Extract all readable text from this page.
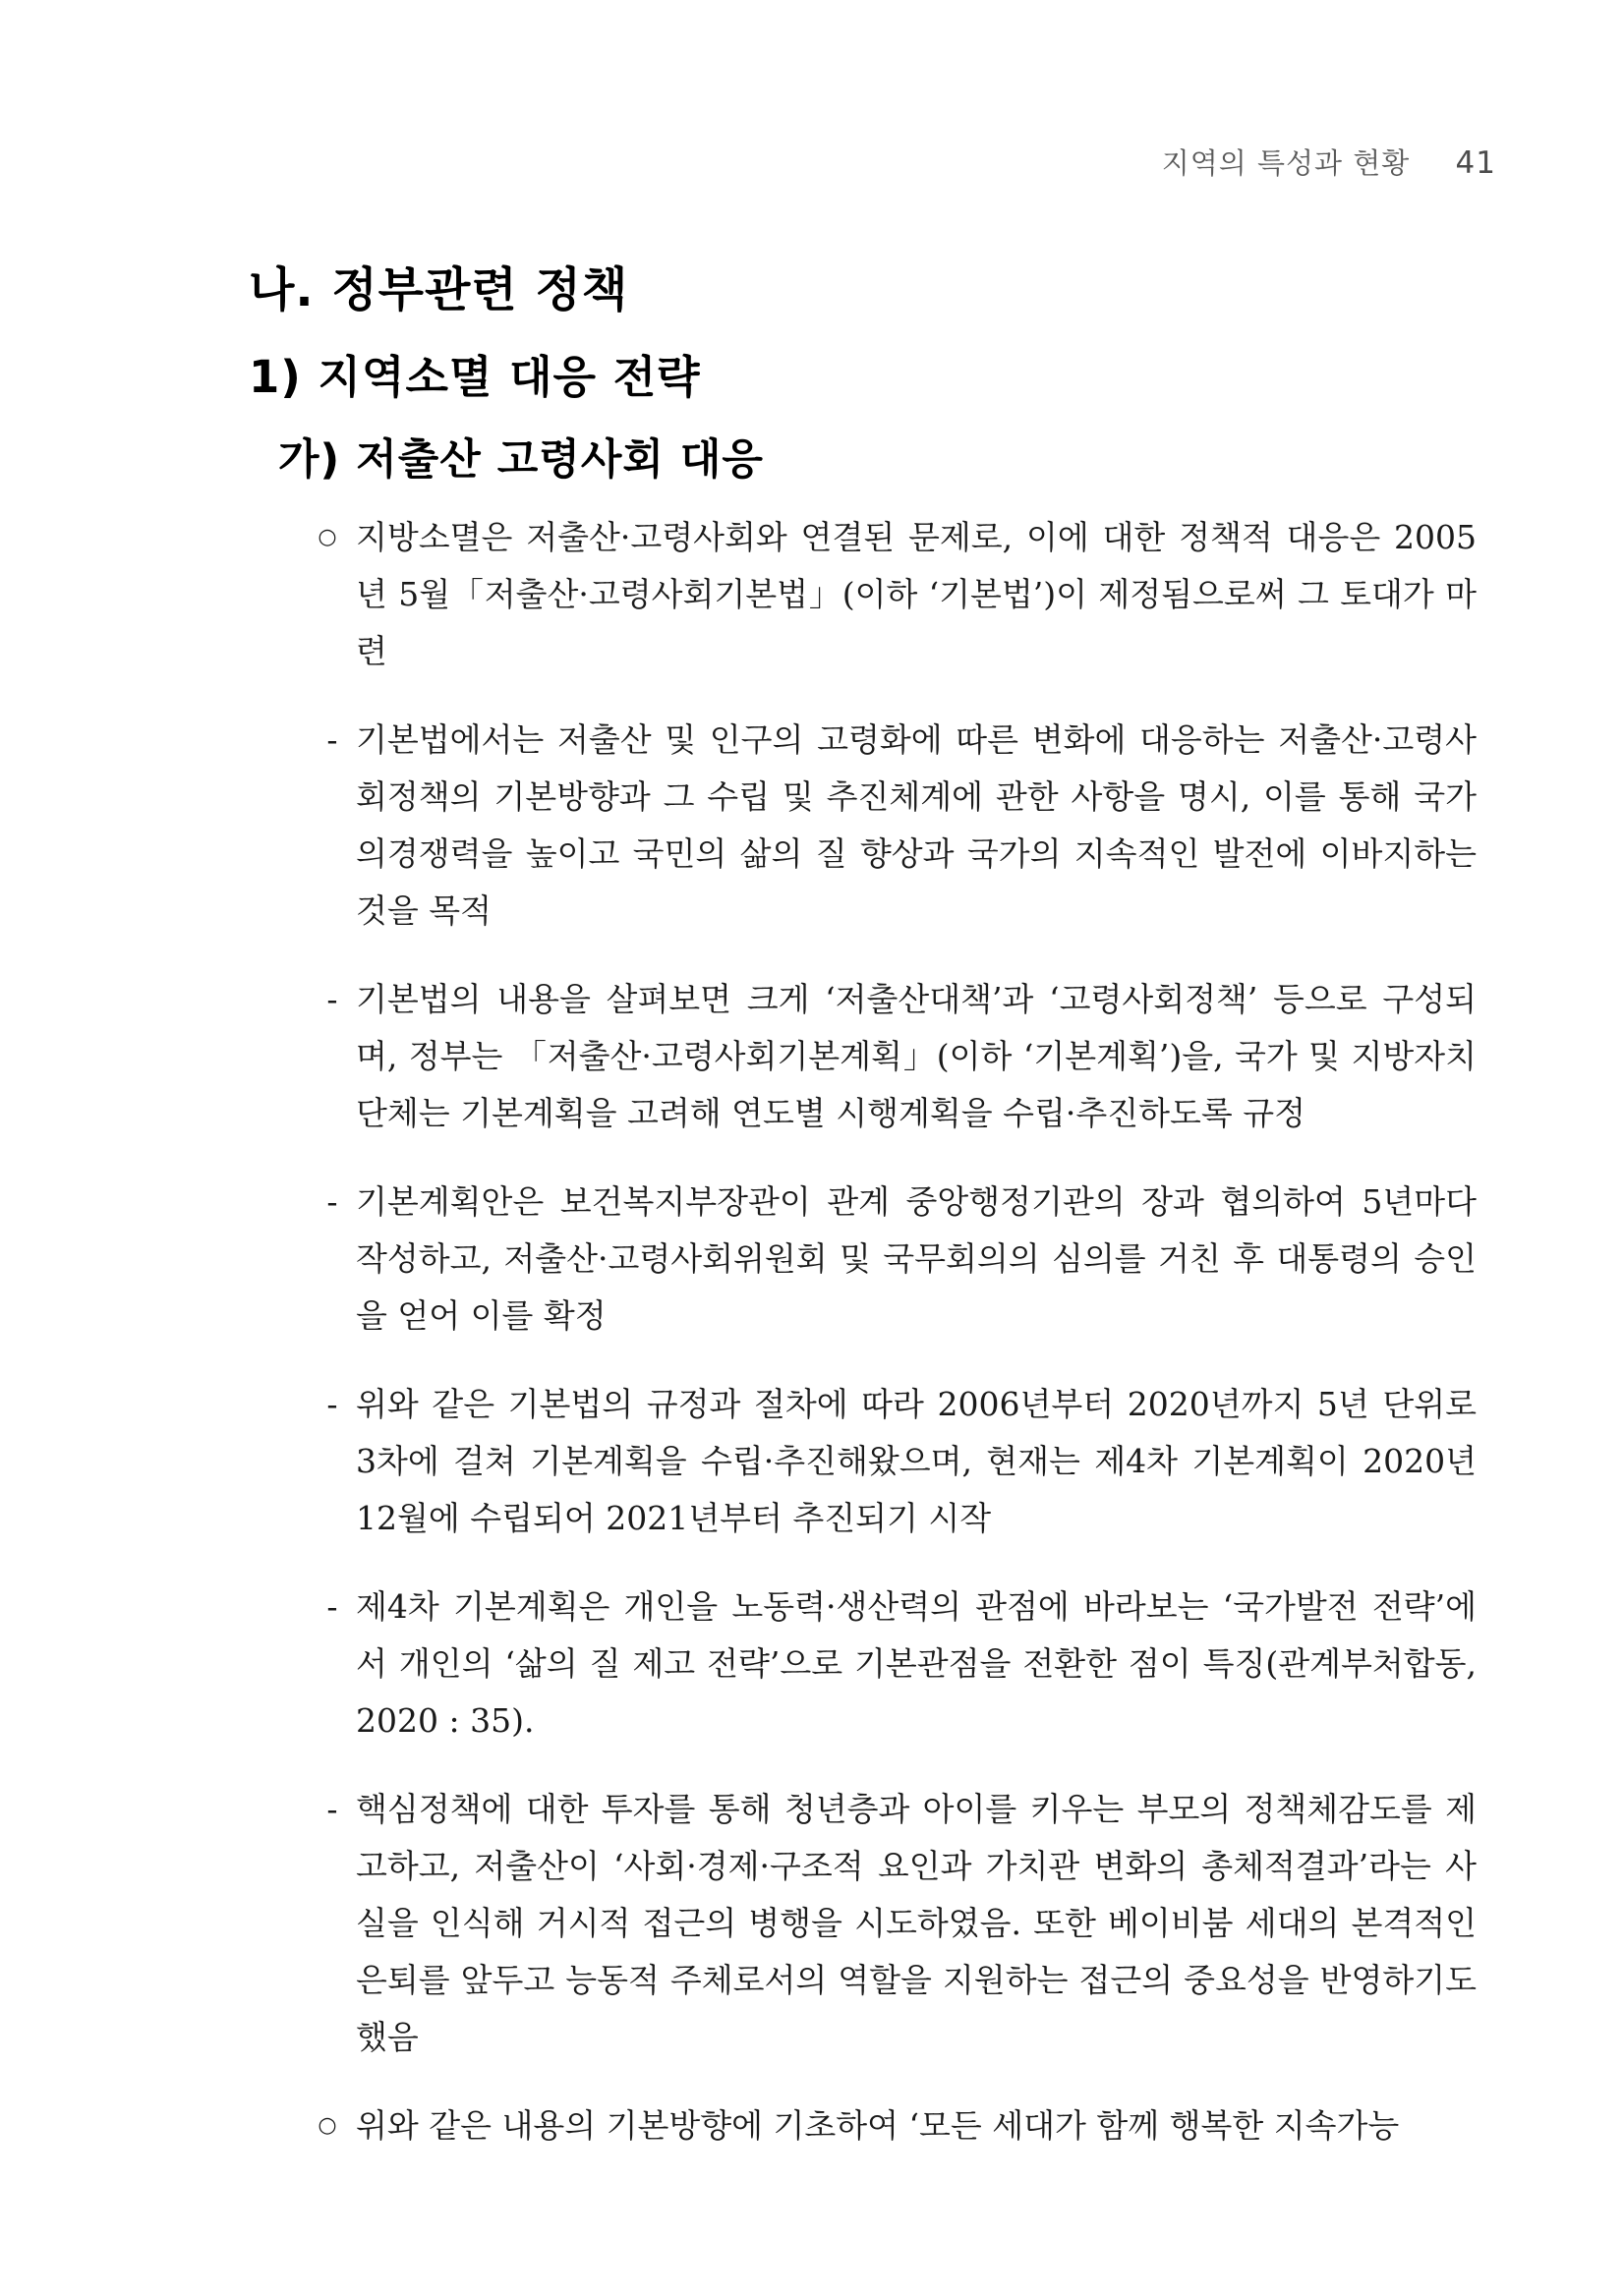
지역의 특성과 현황 41
나. 정부관련 정책
1) 지역소멸 대응 전략
가) 저출산 고령사회 대응

○ 지방소멸은 저출산·고령사회와 연결된 문제로, 이에 대한 정책적 대응은 2005년 5월「저출산·고령사회기본법」(이하 ‘기본법’)이 제정됨으로써 그 토대가 마련

- 기본법에서는 저출산 및 인구의 고령화에 따른 변화에 대응하는 저출산·고령사회정책의 기본방향과 그 수립 및 추진체계에 관한 사항을 명시, 이를 통해 국가의경쟁력을 높이고 국민의 삶의 질 향상과 국가의 지속적인 발전에 이바지하는 것을 목적

- 기본법의 내용을 살펴보면 크게 ‘저출산대책’과 ‘고령사회정책’ 등으로 구성되며, 정부는 「저출산·고령사회기본계획」(이하 ‘기본계획’)을, 국가 및 지방자치단체는 기본계획을 고려해 연도별 시행계획을 수립·추진하도록 규정

- 기본계획안은 보건복지부장관이 관계 중앙행정기관의 장과 협의하여 5년마다 작성하고, 저출산·고령사회위원회 및 국무회의의 심의를 거친 후 대통령의 승인을 얻어 이를 확정

- 위와 같은 기본법의 규정과 절차에 따라 2006년부터 2020년까지 5년 단위로 3차에 걸쳐 기본계획을 수립·추진해왔으며, 현재는 제4차 기본계획이 2020년 12월에 수립되어 2021년부터 추진되기 시작

- 제4차 기본계획은 개인을 노동력·생산력의 관점에 바라보는 ‘국가발전 전략’에서 개인의 ‘삶의 질 제고 전략’으로 기본관점을 전환한 점이 특징(관계부처합동, 2020 : 35).

- 핵심정책에 대한 투자를 통해 청년층과 아이를 키우는 부모의 정책체감도를 제고하고, 저출산이 ‘사회·경제·구조적 요인과 가치관 변화의 총체적결과’라는 사실을 인식해 거시적 접근의 병행을 시도하였음. 또한 베이비붐 세대의 본격적인 은퇴를 앞두고 능동적 주체로서의 역할을 지원하는 접근의 중요성을 반영하기도 했음

○ 위와 같은 내용의 기본방향에 기초하여 ‘모든 세대가 함께 행복한 지속가능
